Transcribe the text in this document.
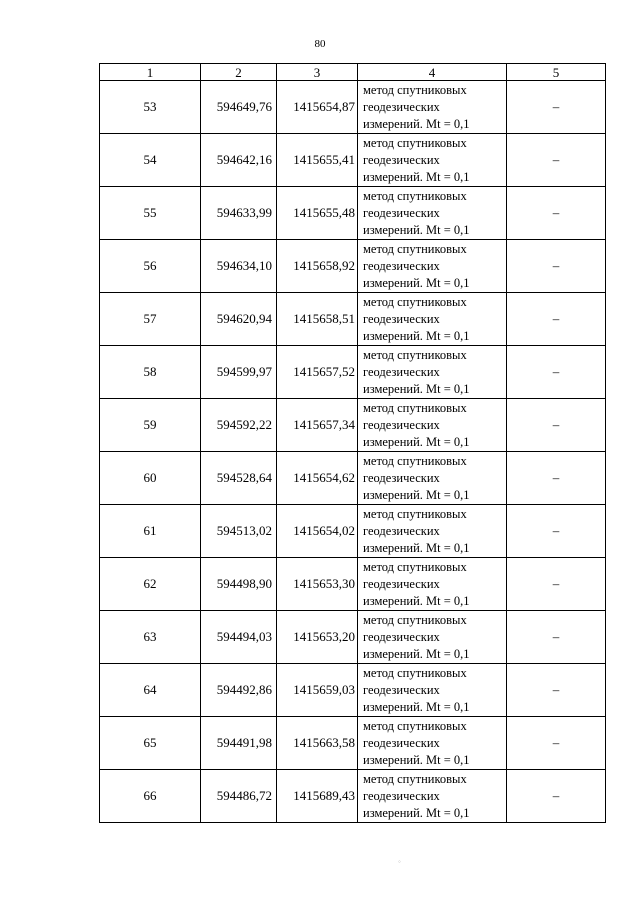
80
1	2	3	4	5
53	594649,76	1415654,87	метод спутниковых
геодезических
измерений. Mt = 0,1	–
54	594642,16	1415655,41	метод спутниковых
геодезических
измерений. Mt = 0,1	–
55	594633,99	1415655,48	метод спутниковых
геодезических
измерений. Mt = 0,1	–
56	594634,10	1415658,92	метод спутниковых
геодезических
измерений. Mt = 0,1	–
57	594620,94	1415658,51	метод спутниковых
геодезических
измерений. Mt = 0,1	–
58	594599,97	1415657,52	метод спутниковых
геодезических
измерений. Mt = 0,1	–
59	594592,22	1415657,34	метод спутниковых
геодезических
измерений. Mt = 0,1	–
60	594528,64	1415654,62	метод спутниковых
геодезических
измерений. Mt = 0,1	–
61	594513,02	1415654,02	метод спутниковых
геодезических
измерений. Mt = 0,1	–
62	594498,90	1415653,30	метод спутниковых
геодезических
измерений. Mt = 0,1	–
63	594494,03	1415653,20	метод спутниковых
геодезических
измерений. Mt = 0,1	–
64	594492,86	1415659,03	метод спутниковых
геодезических
измерений. Mt = 0,1	–
65	594491,98	1415663,58	метод спутниковых
геодезических
измерений. Mt = 0,1	–
66	594486,72	1415689,43	метод спутниковых
геодезических
измерений. Mt = 0,1	–
◦
